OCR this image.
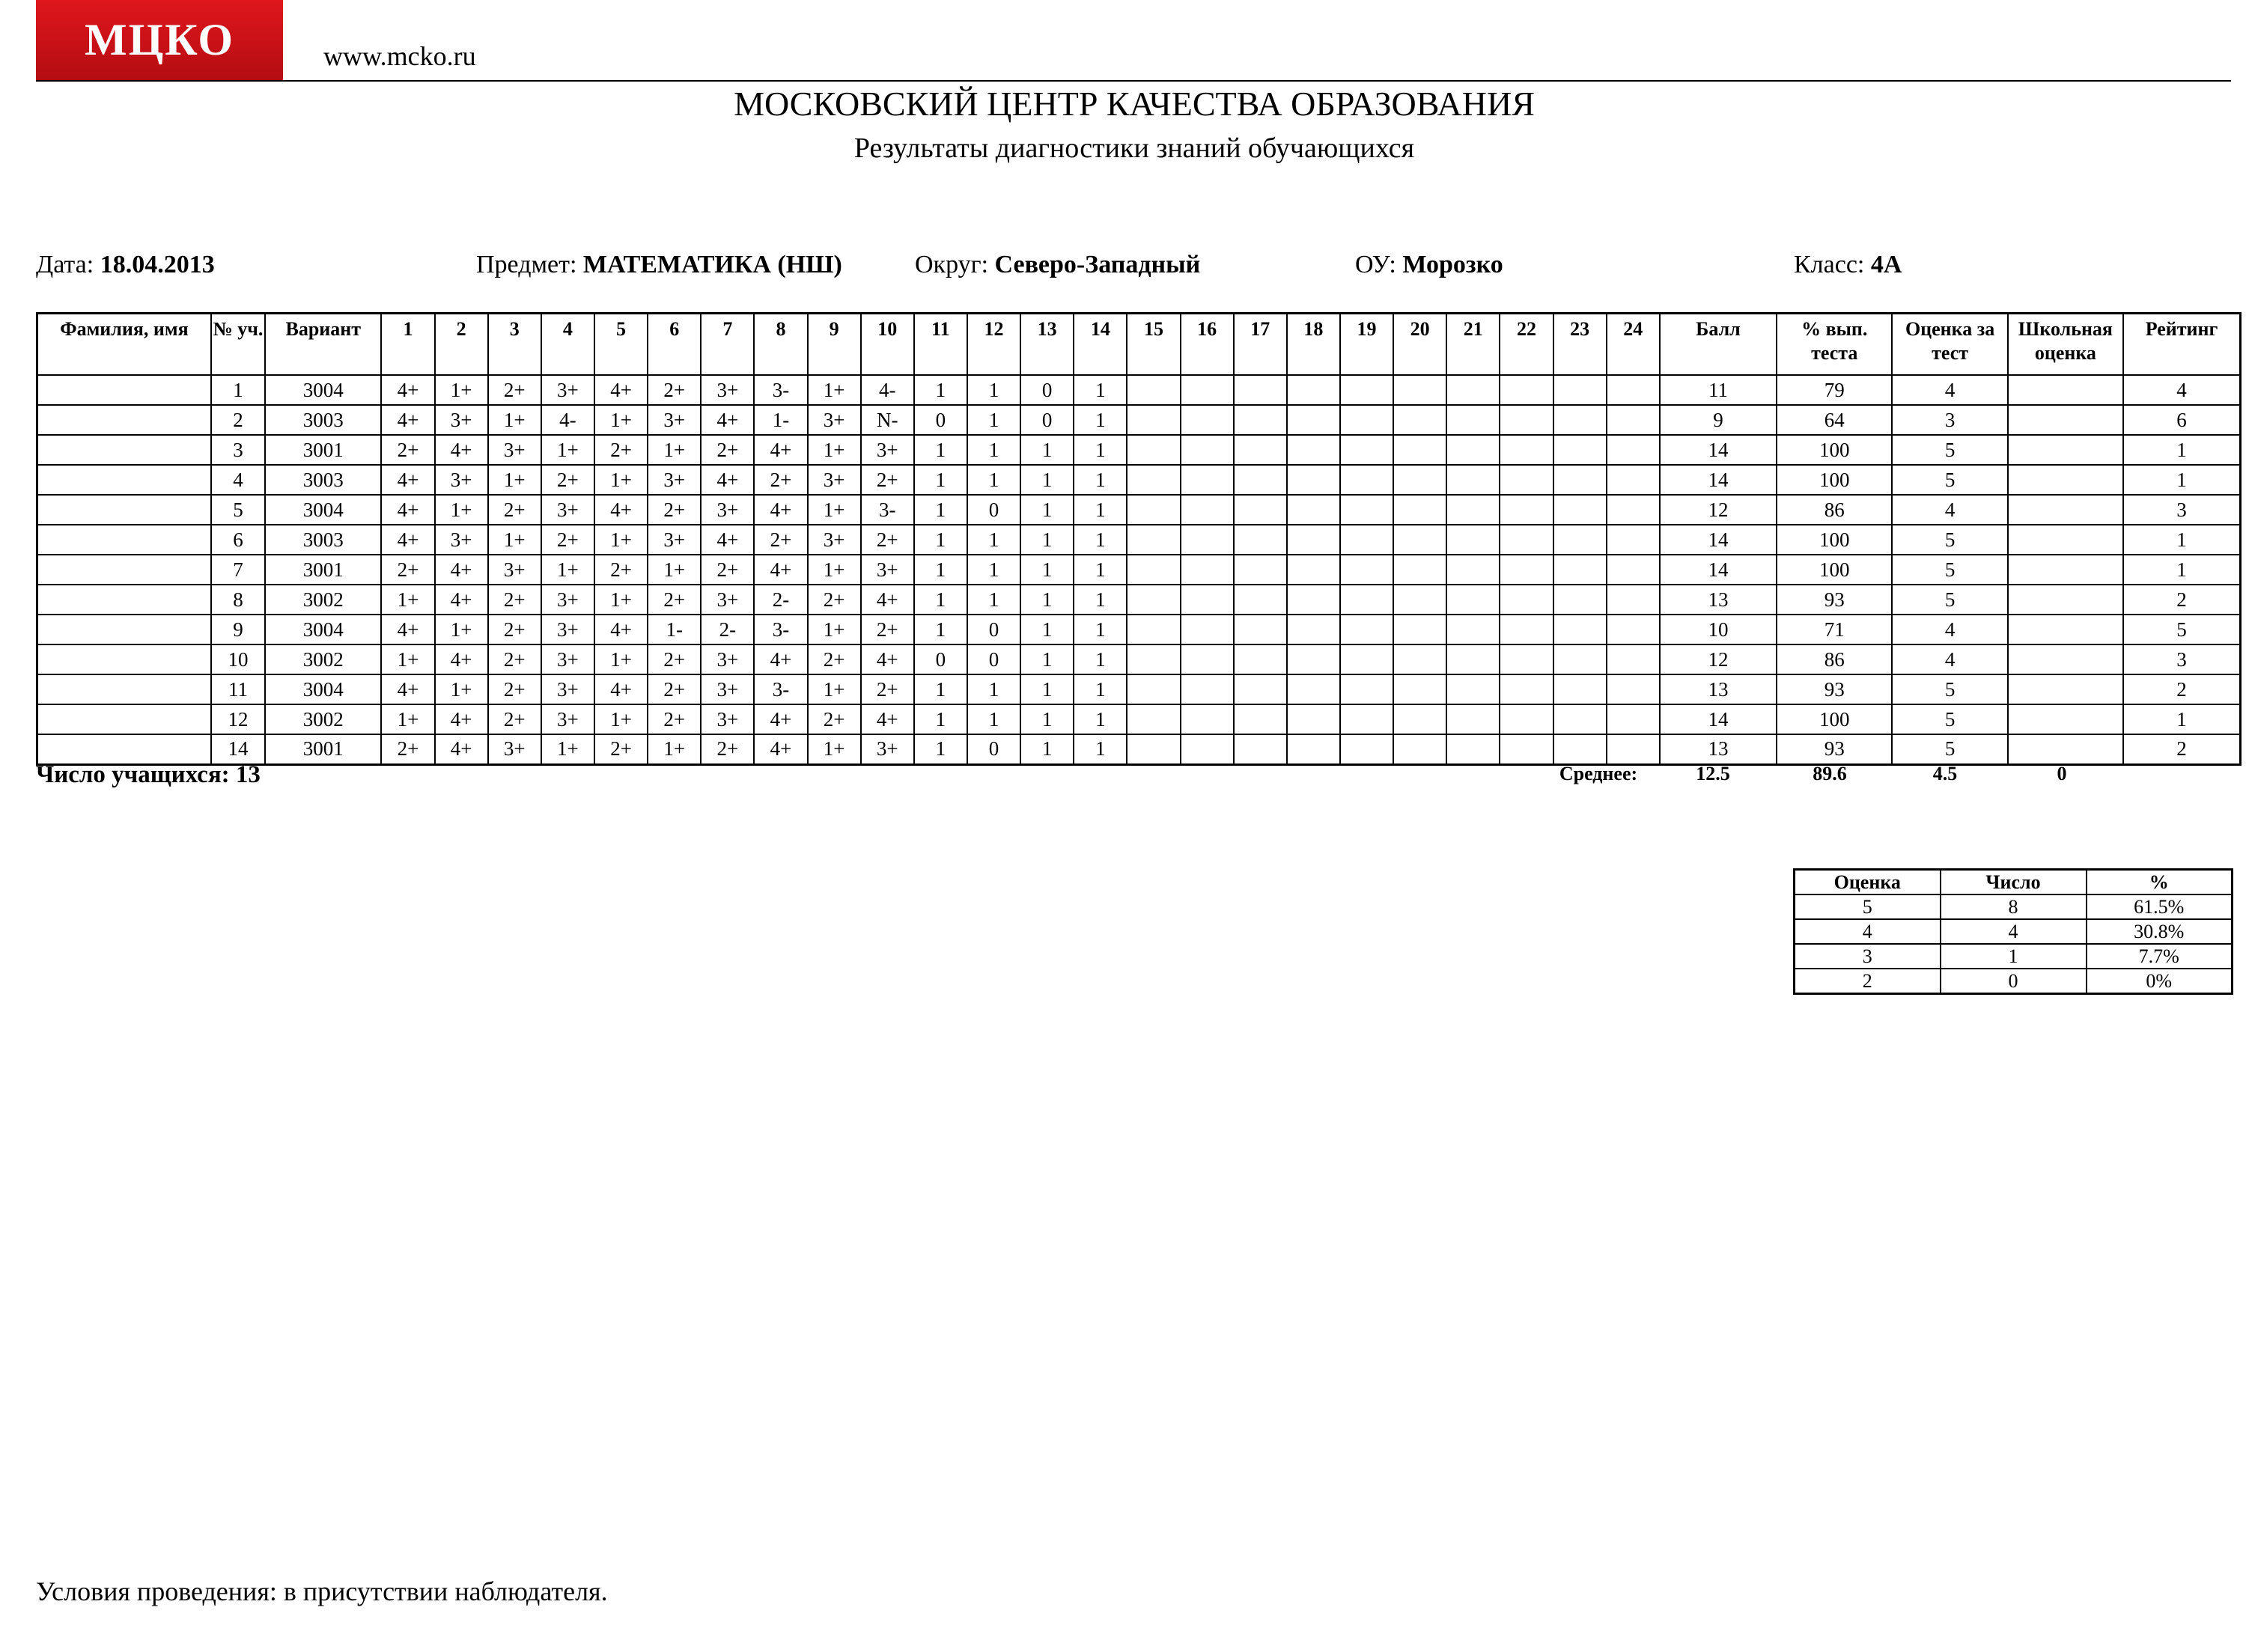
МЦКО	www.mcko.ru
МОСКОВСКИЙ ЦЕНТР КАЧЕСТВА ОБРАЗОВАНИЯ
Результаты диагностики знаний обучающихся
Дата: 18.04.2013	Предмет: МАТЕМАТИКА (НШ)	Округ: Северо-Западный	ОУ: Морозко	Класс: 4А
Фамилия, имя	№ уч.	Вариант	1	2	3	4	5	6	7	8	9	10	11	12	13	14	15	16	17	18	19	20	21	22	23	24	Балл	% вып. теста	Оценка за тест	Школьная оценка	Рейтинг
	1	3004	4+	1+	2+	3+	4+	2+	3+	3-	1+	4-	1	1	0	1											11	79	4		4
	2	3003	4+	3+	1+	4-	1+	3+	4+	1-	3+	N-	0	1	0	1											9	64	3		6
	3	3001	2+	4+	3+	1+	2+	1+	2+	4+	1+	3+	1	1	1	1											14	100	5		1
	4	3003	4+	3+	1+	2+	1+	3+	4+	2+	3+	2+	1	1	1	1											14	100	5		1
	5	3004	4+	1+	2+	3+	4+	2+	3+	4+	1+	3-	1	0	1	1											12	86	4		3
	6	3003	4+	3+	1+	2+	1+	3+	4+	2+	3+	2+	1	1	1	1											14	100	5		1
	7	3001	2+	4+	3+	1+	2+	1+	2+	4+	1+	3+	1	1	1	1											14	100	5		1
	8	3002	1+	4+	2+	3+	1+	2+	3+	2-	2+	4+	1	1	1	1											13	93	5		2
	9	3004	4+	1+	2+	3+	4+	1-	2-	3-	1+	2+	1	0	1	1											10	71	4		5
	10	3002	1+	4+	2+	3+	1+	2+	3+	4+	2+	4+	0	0	1	1											12	86	4		3
	11	3004	4+	1+	2+	3+	4+	2+	3+	3-	1+	2+	1	1	1	1											13	93	5		2
	12	3002	1+	4+	2+	3+	1+	2+	3+	4+	2+	4+	1	1	1	1											14	100	5		1
	14	3001	2+	4+	3+	1+	2+	1+	2+	4+	1+	3+	1	0	1	1											13	93	5		2
Число учащихся: 13	Среднее:	12.5	89.6	4.5	0
Оценка	Число	%
5	8	61.5%
4	4	30.8%
3	1	7.7%
2	0	0%
Условия проведения: в присутствии наблюдателя.
